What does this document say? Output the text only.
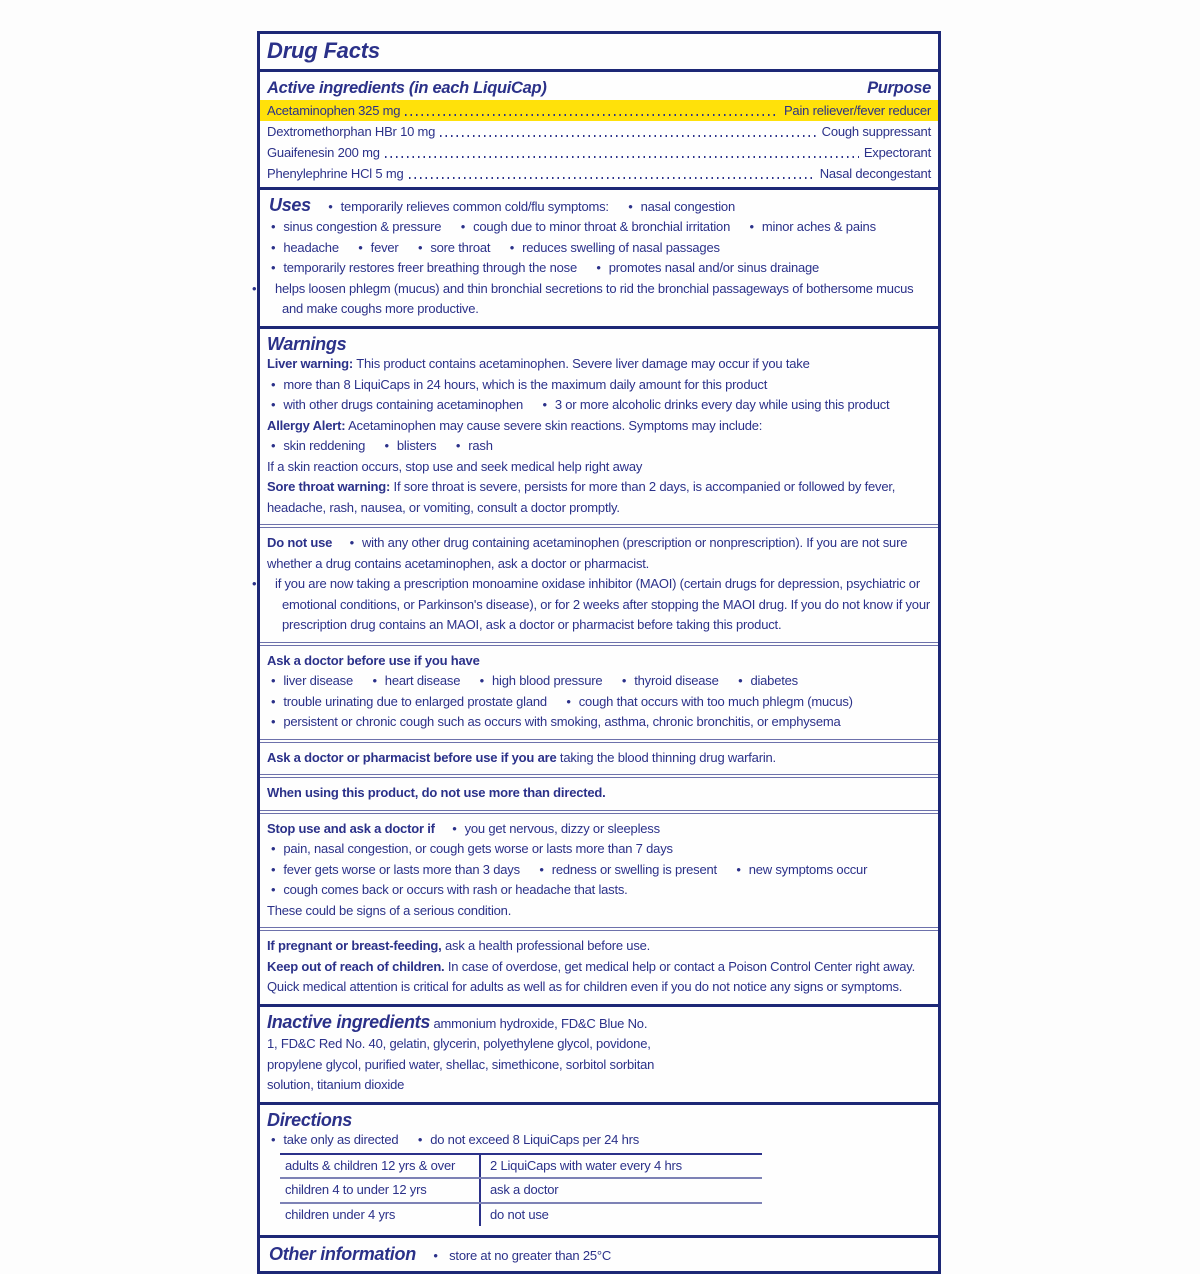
Drug Facts
Active ingredients (in each LiquiCap)	Purpose
Acetaminophen 325 mg	Pain reliever/fever reducer
Dextromethorphan HBr 10 mg	Cough suppressant
Guaifenesin 200 mg	Expectorant
Phenylephrine HCl 5 mg	Nasal decongestant
Uses • temporarily relieves common cold/flu symptoms: • nasal congestion
• sinus congestion & pressure • cough due to minor throat & bronchial irritation • minor aches & pains
• headache • fever • sore throat • reduces swelling of nasal passages
• temporarily restores freer breathing through the nose • promotes nasal and/or sinus drainage
• helps loosen phlegm (mucus) and thin bronchial secretions to rid the bronchial passageways of bothersome mucus and make coughs more productive.
Warnings
Liver warning: This product contains acetaminophen. Severe liver damage may occur if you take
• more than 8 LiquiCaps in 24 hours, which is the maximum daily amount for this product
• with other drugs containing acetaminophen • 3 or more alcoholic drinks every day while using this product
Allergy Alert: Acetaminophen may cause severe skin reactions. Symptoms may include:
• skin reddening • blisters • rash
If a skin reaction occurs, stop use and seek medical help right away
Sore throat warning: If sore throat is severe, persists for more than 2 days, is accompanied or followed by fever, headache, rash, nausea, or vomiting, consult a doctor promptly.
Do not use • with any other drug containing acetaminophen (prescription or nonprescription). If you are not sure whether a drug contains acetaminophen, ask a doctor or pharmacist.
• if you are now taking a prescription monoamine oxidase inhibitor (MAOI) (certain drugs for depression, psychiatric or emotional conditions, or Parkinson's disease), or for 2 weeks after stopping the MAOI drug. If you do not know if your prescription drug contains an MAOI, ask a doctor or pharmacist before taking this product.
Ask a doctor before use if you have
• liver disease • heart disease • high blood pressure • thyroid disease • diabetes
• trouble urinating due to enlarged prostate gland • cough that occurs with too much phlegm (mucus)
• persistent or chronic cough such as occurs with smoking, asthma, chronic bronchitis, or emphysema
Ask a doctor or pharmacist before use if you are taking the blood thinning drug warfarin.
When using this product, do not use more than directed.
Stop use and ask a doctor if • you get nervous, dizzy or sleepless
• pain, nasal congestion, or cough gets worse or lasts more than 7 days
• fever gets worse or lasts more than 3 days • redness or swelling is present • new symptoms occur
• cough comes back or occurs with rash or headache that lasts.
These could be signs of a serious condition.
If pregnant or breast-feeding, ask a health professional before use.
Keep out of reach of children. In case of overdose, get medical help or contact a Poison Control Center right away. Quick medical attention is critical for adults as well as for children even if you do not notice any signs or symptoms.
Inactive ingredients ammonium hydroxide, FD&C Blue No. 1, FD&C Red No. 40, gelatin, glycerin, polyethylene glycol, povidone, propylene glycol, purified water, shellac, simethicone, sorbitol sorbitan solution, titanium dioxide
Directions
• take only as directed • do not exceed 8 LiquiCaps per 24 hrs
adults & children 12 yrs & over	2 LiquiCaps with water every 4 hrs
children 4 to under 12 yrs	ask a doctor
children under 4 yrs	do not use
Other information • store at no greater than 25°C
